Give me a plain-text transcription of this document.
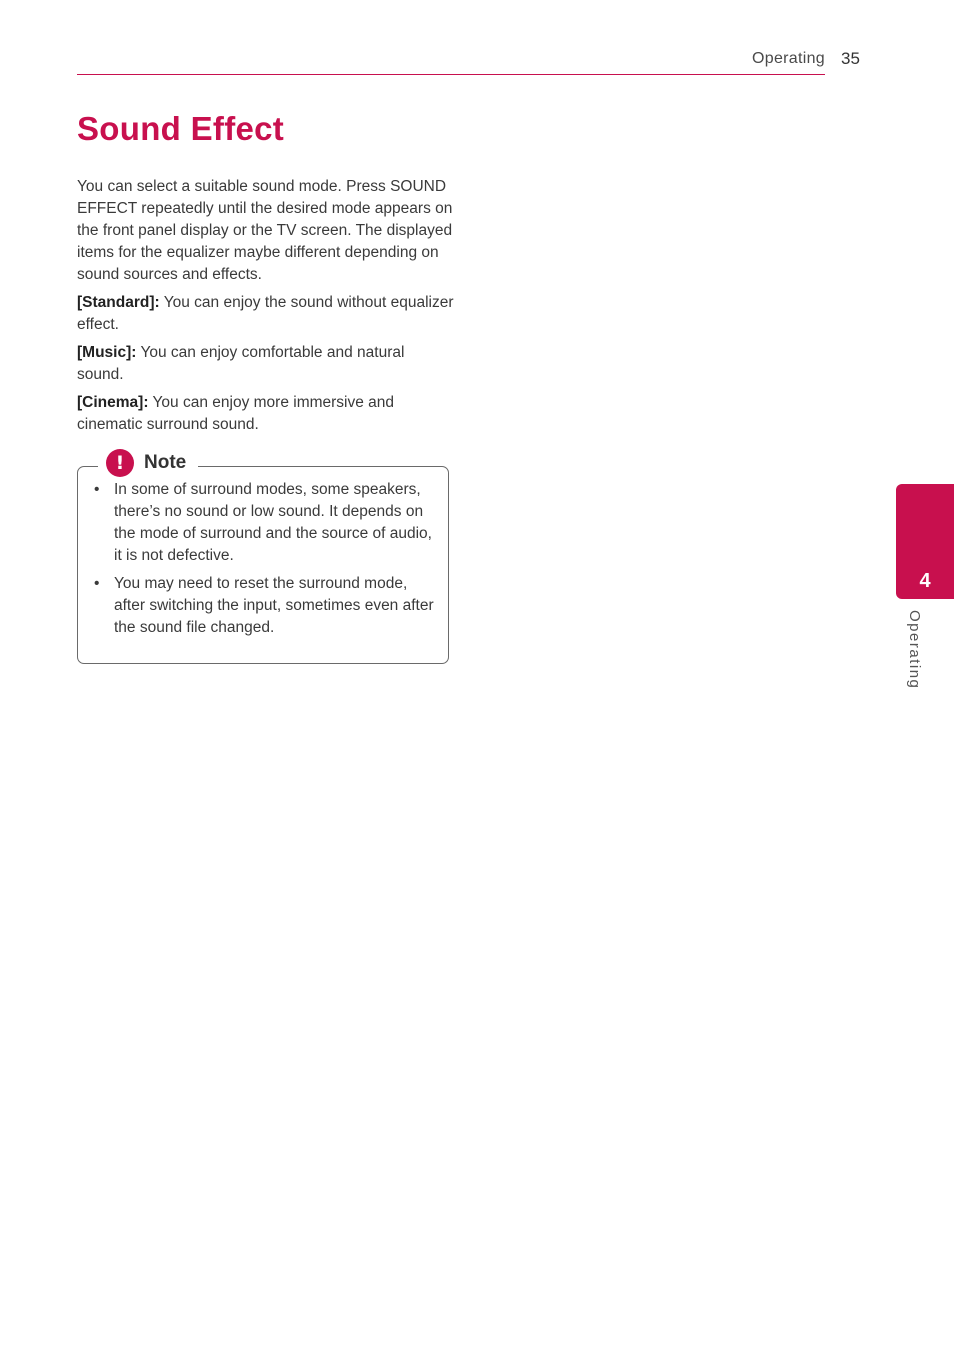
Operating 35
Sound Effect

You can select a suitable sound mode. Press SOUND EFFECT repeatedly until the desired mode appears on the front panel display or the TV screen. The displayed items for the equalizer maybe different depending on sound sources and effects.

[Standard]: You can enjoy the sound without equalizer effect.

[Music]: You can enjoy comfortable and natural sound.

[Cinema]: You can enjoy more immersive and cinematic surround sound.

!	Note
• In some of surround modes, some speakers, there’s no sound or low sound. It depends on the mode of surround and the source of audio, it is not defective.
• You may need to reset the surround mode, after switching the input, sometimes even after the sound file changed.
4
Operating
